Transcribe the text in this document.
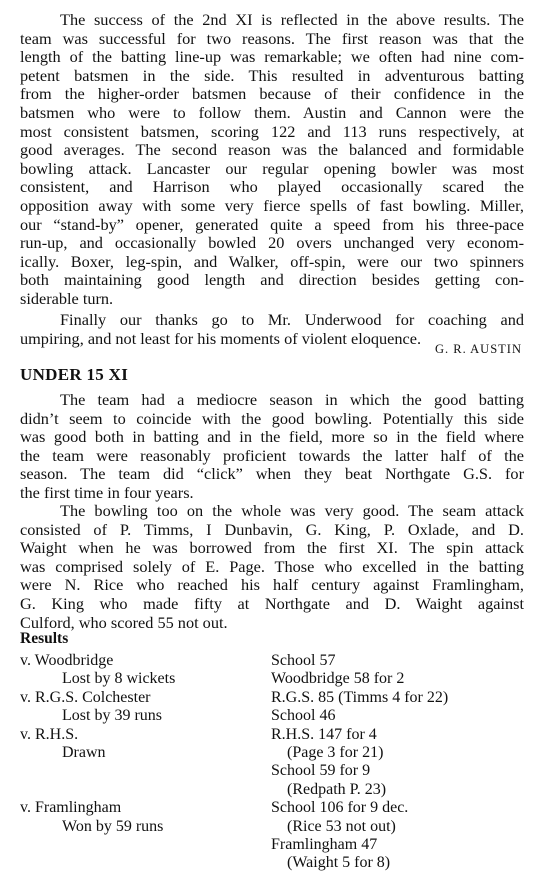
The success of the 2nd XI is reflected in the above results. The
team was successful for two reasons. The first reason was that the
length of the batting line-up was remarkable; we often had nine com-
petent batsmen in the side. This resulted in adventurous batting
from the higher-order batsmen because of their confidence in the
batsmen who were to follow them. Austin and Cannon were the
most consistent batsmen, scoring 122 and 113 runs respectively, at
good averages. The second reason was the balanced and formidable
bowling attack. Lancaster our regular opening bowler was most
consistent, and Harrison who played occasionally scared the
opposition away with some very fierce spells of fast bowling. Miller,
our “stand-by” opener, generated quite a speed from his three-pace
run-up, and occasionally bowled 20 overs unchanged very econom-
ically. Boxer, leg-spin, and Walker, off-spin, were our two spinners
both maintaining good length and direction besides getting con-
siderable turn.
Finally our thanks go to Mr. Underwood for coaching and
umpiring, and not least for his moments of violent eloquence.
G. R. AUSTIN
UNDER 15 XI
The team had a mediocre season in which the good batting
didn’t seem to coincide with the good bowling. Potentially this side
was good both in batting and in the field, more so in the field where
the team were reasonably proficient towards the latter half of the
season. The team did “click” when they beat Northgate G.S. for
the first time in four years.
The bowling too on the whole was very good. The seam attack
consisted of P. Timms, I Dunbavin, G. King, P. Oxlade, and D.
Waight when he was borrowed from the first XI. The spin attack
was comprised solely of E. Page. Those who excelled in the batting
were N. Rice who reached his half century against Framlingham,
G. King who made fifty at Northgate and D. Waight against
Culford, who scored 55 not out.
Results
v. Woodbridge
Lost by 8 wickets
v. R.G.S. Colchester
Lost by 39 runs
v. R.H.S.
Drawn
v. Framlingham
Won by 59 runs
School 57
Woodbridge 58 for 2
R.G.S. 85 (Timms 4 for 22)
School 46
R.H.S. 147 for 4
(Page 3 for 21)
School 59 for 9
(Redpath P. 23)
School 106 for 9 dec.
(Rice 53 not out)
Framlingham 47
(Waight 5 for 8)
